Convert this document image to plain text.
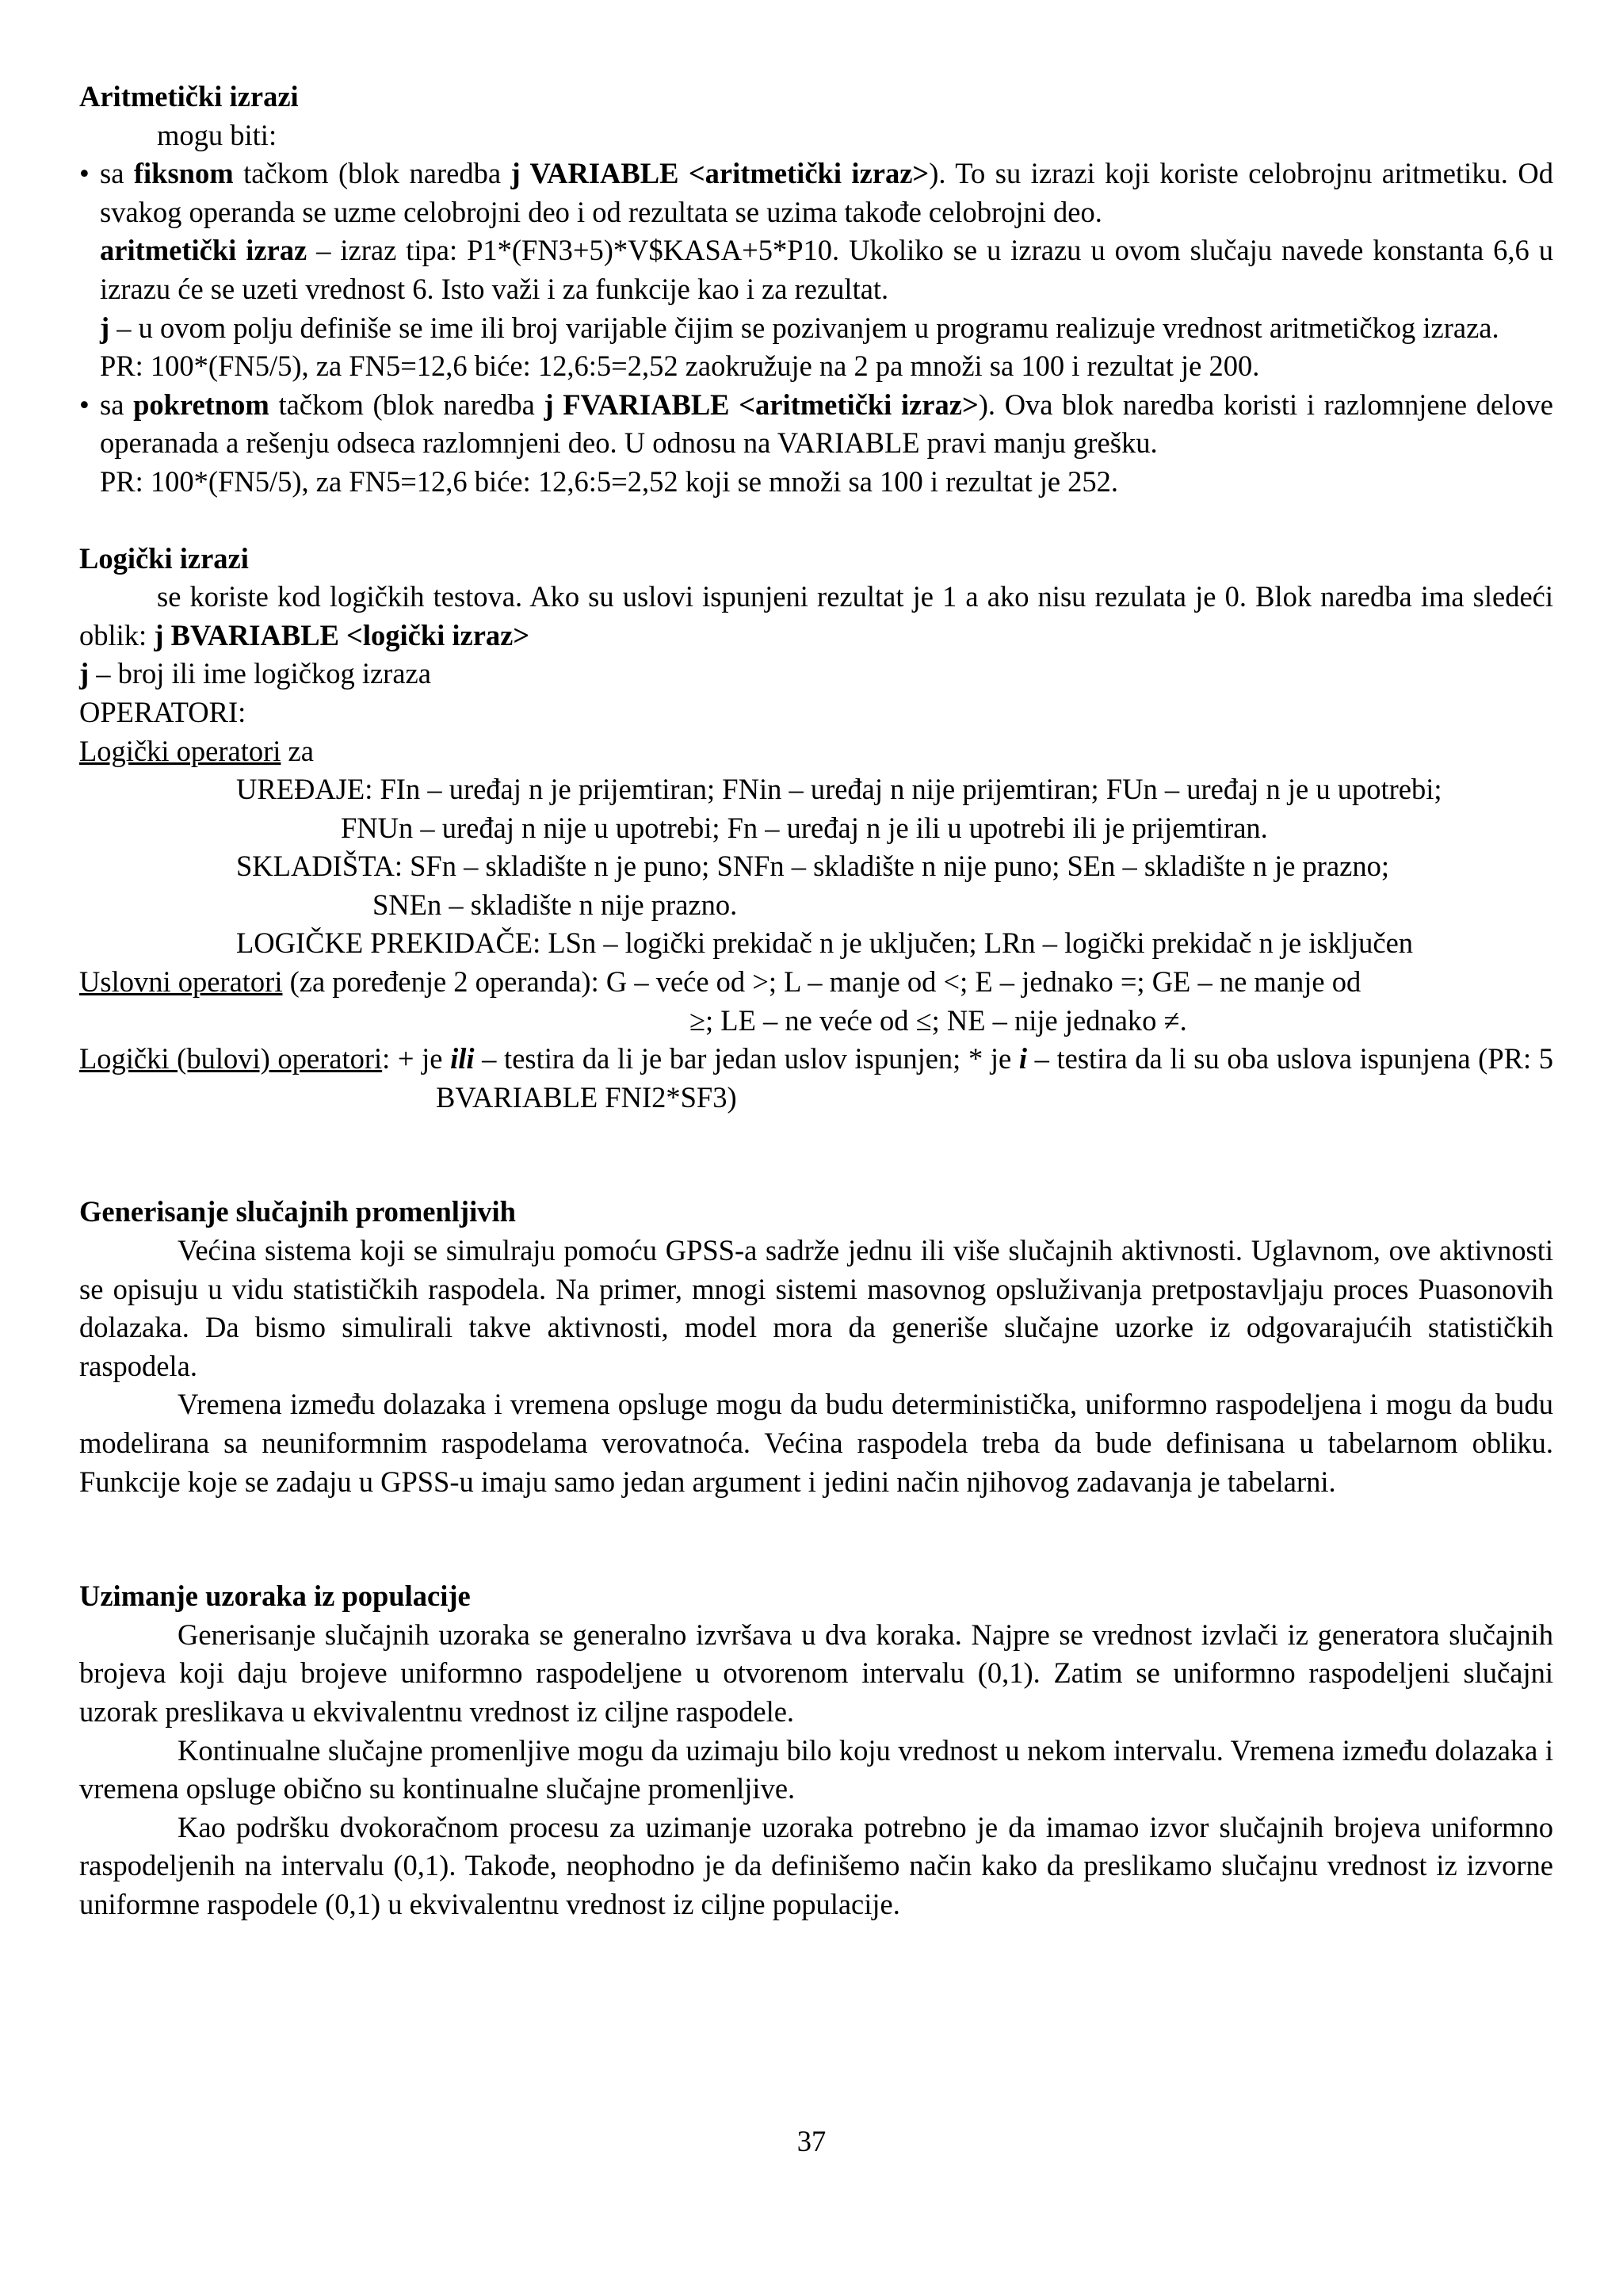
Aritmetički izrazi

mogu biti:

• sa fiksnom tačkom (blok naredba j VARIABLE <aritmetički izraz>). To su izrazi koji koriste celobrojnu aritmetiku. Od svakog operanda se uzme celobrojni deo i od rezultata se uzima takođe celobrojni deo.

aritmetički izraz – izraz tipa: P1*(FN3+5)*V$KASA+5*P10. Ukoliko se u izrazu u ovom slučaju navede konstanta 6,6 u izrazu će se uzeti vrednost 6. Isto važi i za funkcije kao i za rezultat.

j – u ovom polju definiše se ime ili broj varijable čijim se pozivanjem u programu realizuje vrednost aritmetičkog izraza.

PR: 100*(FN5/5), za FN5=12,6 biće: 12,6:5=2,52 zaokružuje na 2 pa množi sa 100 i rezultat je 200.

• sa pokretnom tačkom (blok naredba j FVARIABLE <aritmetički izraz>). Ova blok naredba koristi i razlomnjene delove operanada a rešenju odseca razlomnjeni deo. U odnosu na VARIABLE pravi manju grešku.

PR: 100*(FN5/5), za FN5=12,6 biće: 12,6:5=2,52 koji se množi sa 100 i rezultat je 252.

Logički izrazi

se koriste kod logičkih testova. Ako su uslovi ispunjeni rezultat je 1 a ako nisu rezulata je 0. Blok naredba ima sledeći oblik: j BVARIABLE <logički izraz>

j – broj ili ime logičkog izraza

OPERATORI:

Logički operatori za

UREĐAJE: FIn – uređaj n je prijemtiran; FNin – uređaj n nije prijemtiran; FUn – uređaj n je u upotrebi;

FNUn – uređaj n nije u upotrebi; Fn – uređaj n je ili u upotrebi ili je prijemtiran.

SKLADIŠTA: SFn – skladište n je puno; SNFn – skladište n nije puno; SEn – skladište n je prazno;

SNEn – skladište n nije prazno.

LOGIČKE PREKIDAČE: LSn – logički prekidač n je uključen; LRn – logički prekidač n je isključen

Uslovni operatori (za poređenje 2 operanda): G – veće od >; L – manje od <; E – jednako =; GE – ne manje od

≥; LE – ne veće od ≤; NE – nije jednako ≠.

Logički (bulovi) operatori: + je ili – testira da li je bar jedan uslov ispunjen; * je i – testira da li su oba uslova ispunjena (PR: 5 BVARIABLE FNI2*SF3)

Generisanje slučajnih promenljivih

Većina sistema koji se simulraju pomoću GPSS-a sadrže jednu ili više slučajnih aktivnosti. Uglavnom, ove aktivnosti se opisuju u vidu statističkih raspodela. Na primer, mnogi sistemi masovnog opsluživanja pretpostavljaju proces Puasonovih dolazaka. Da bismo simulirali takve aktivnosti, model mora da generiše slučajne uzorke iz odgovarajućih statističkih raspodela.

Vremena između dolazaka i vremena opsluge mogu da budu deterministička, uniformno raspodeljena i mogu da budu modelirana sa neuniformnim raspodelama verovatnoća. Većina raspodela treba da bude definisana u tabelarnom obliku. Funkcije koje se zadaju u GPSS-u imaju samo jedan argument i jedini način njihovog zadavanja je tabelarni.

Uzimanje uzoraka iz populacije

Generisanje slučajnih uzoraka se generalno izvršava u dva koraka. Najpre se vrednost izvlači iz generatora slučajnih brojeva koji daju brojeve uniformno raspodeljene u otvorenom intervalu (0,1). Zatim se uniformno raspodeljeni slučajni uzorak preslikava u ekvivalentnu vrednost iz ciljne raspodele.

Kontinualne slučajne promenljive mogu da uzimaju bilo koju vrednost u nekom intervalu. Vremena između dolazaka i vremena opsluge obično su kontinualne slučajne promenljive.

Kao podršku dvokoračnom procesu za uzimanje uzoraka potrebno je da imamao izvor slučajnih brojeva uniformno raspodeljenih na intervalu (0,1). Takođe, neophodno je da definišemo način kako da preslikamo slučajnu vrednost iz izvorne uniformne raspodele (0,1) u ekvivalentnu vrednost iz ciljne populacije.

37
